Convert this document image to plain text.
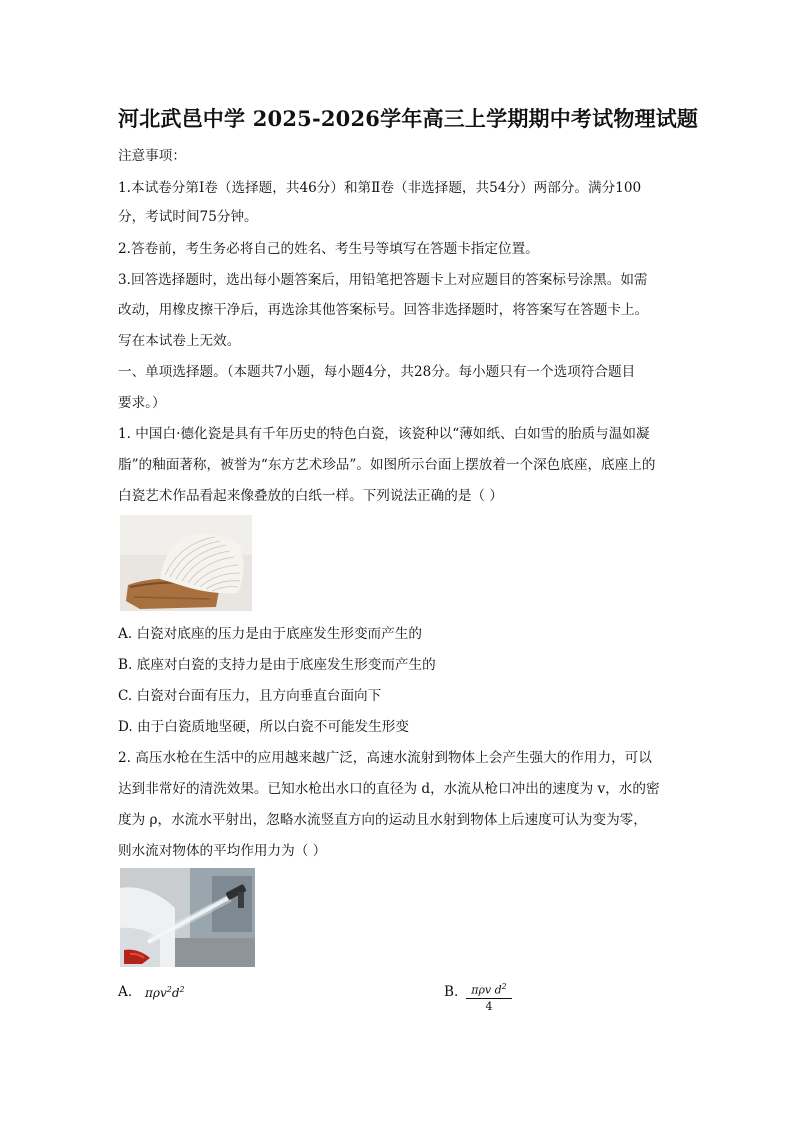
河北武邑中学 2025-2026学年高三上学期期中考试物理试题
注意事项：
1.本试卷分第Ⅰ卷（选择题，共46分）和第Ⅱ卷（非选择题，共54分）两部分。满分100
分，考试时间75分钟。
2.答卷前，考生务必将自己的姓名、考生号等填写在答题卡指定位置。
3.回答选择题时，选出每小题答案后，用铅笔把答题卡上对应题目的答案标号涂黑。如需
改动，用橡皮擦干净后，再选涂其他答案标号。回答非选择题时，将答案写在答题卡上。
写在本试卷上无效。
一、单项选择题。（本题共7小题，每小题4分，共28分。每小题只有一个选项符合题目
要求。）
1. 中国白·德化瓷是具有千年历史的特色白瓷，该瓷种以“薄如纸、白如雪的胎质与温如凝
脂”的釉面著称，被誉为“东方艺术珍品”。如图所示台面上摆放着一个深色底座，底座上的
白瓷艺术作品看起来像叠放的白纸一样。下列说法正确的是（ ）
A. 白瓷对底座的压力是由于底座发生形变而产生的
B. 底座对白瓷的支持力是由于底座发生形变而产生的
C. 白瓷对台面有压力，且方向垂直台面向下
D. 由于白瓷质地坚硬，所以白瓷不可能发生形变
2. 高压水枪在生活中的应用越来越广泛，高速水流射到物体上会产生强大的作用力，可以
达到非常好的清洗效果。已知水枪出水口的直径为 d，水流从枪口冲出的速度为 v，水的密
度为 ρ，水流水平射出，忽略水流竖直方向的运动且水射到物体上后速度可认为变为零，
则水流对物体的平均作用力为（ ）
A. $\pi\rho v^2d^2$	B.	πρv $d^2$
4
